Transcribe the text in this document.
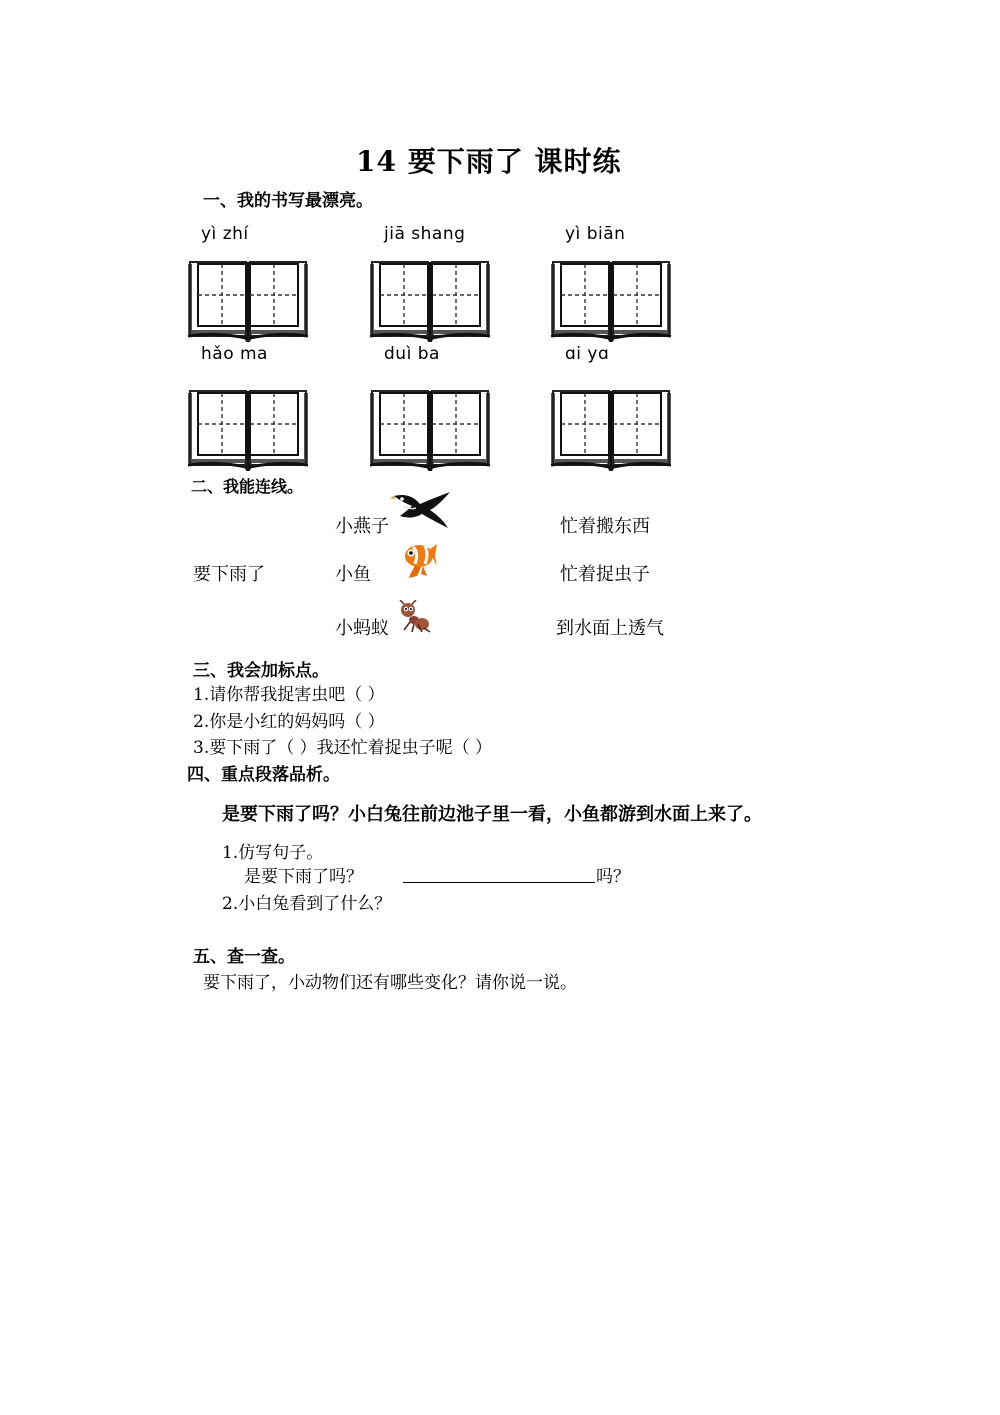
14 要下雨了 课时练
一、我的书写最漂亮。
yì zhí	jiā shang	yì biān
hǎo ma	duì ba	ɑi yɑ
二、我能连线。
要下雨了
小燕子
小鱼
小蚂蚁
忙着搬东西
忙着捉虫子
到水面上透气
三、我会加标点。
1.请你帮我捉害虫吧（ ）
2.你是小红的妈妈吗（ ）
3.要下雨了（ ）我还忙着捉虫子呢（ ）
四、重点段落品析。
是要下雨了吗？小白兔往前边池子里一看，小鱼都游到水面上来了。
1.仿写句子。
是要下雨了吗？	吗？
2.小白兔看到了什么？
五、查一查。
要下雨了，小动物们还有哪些变化？请你说一说。
